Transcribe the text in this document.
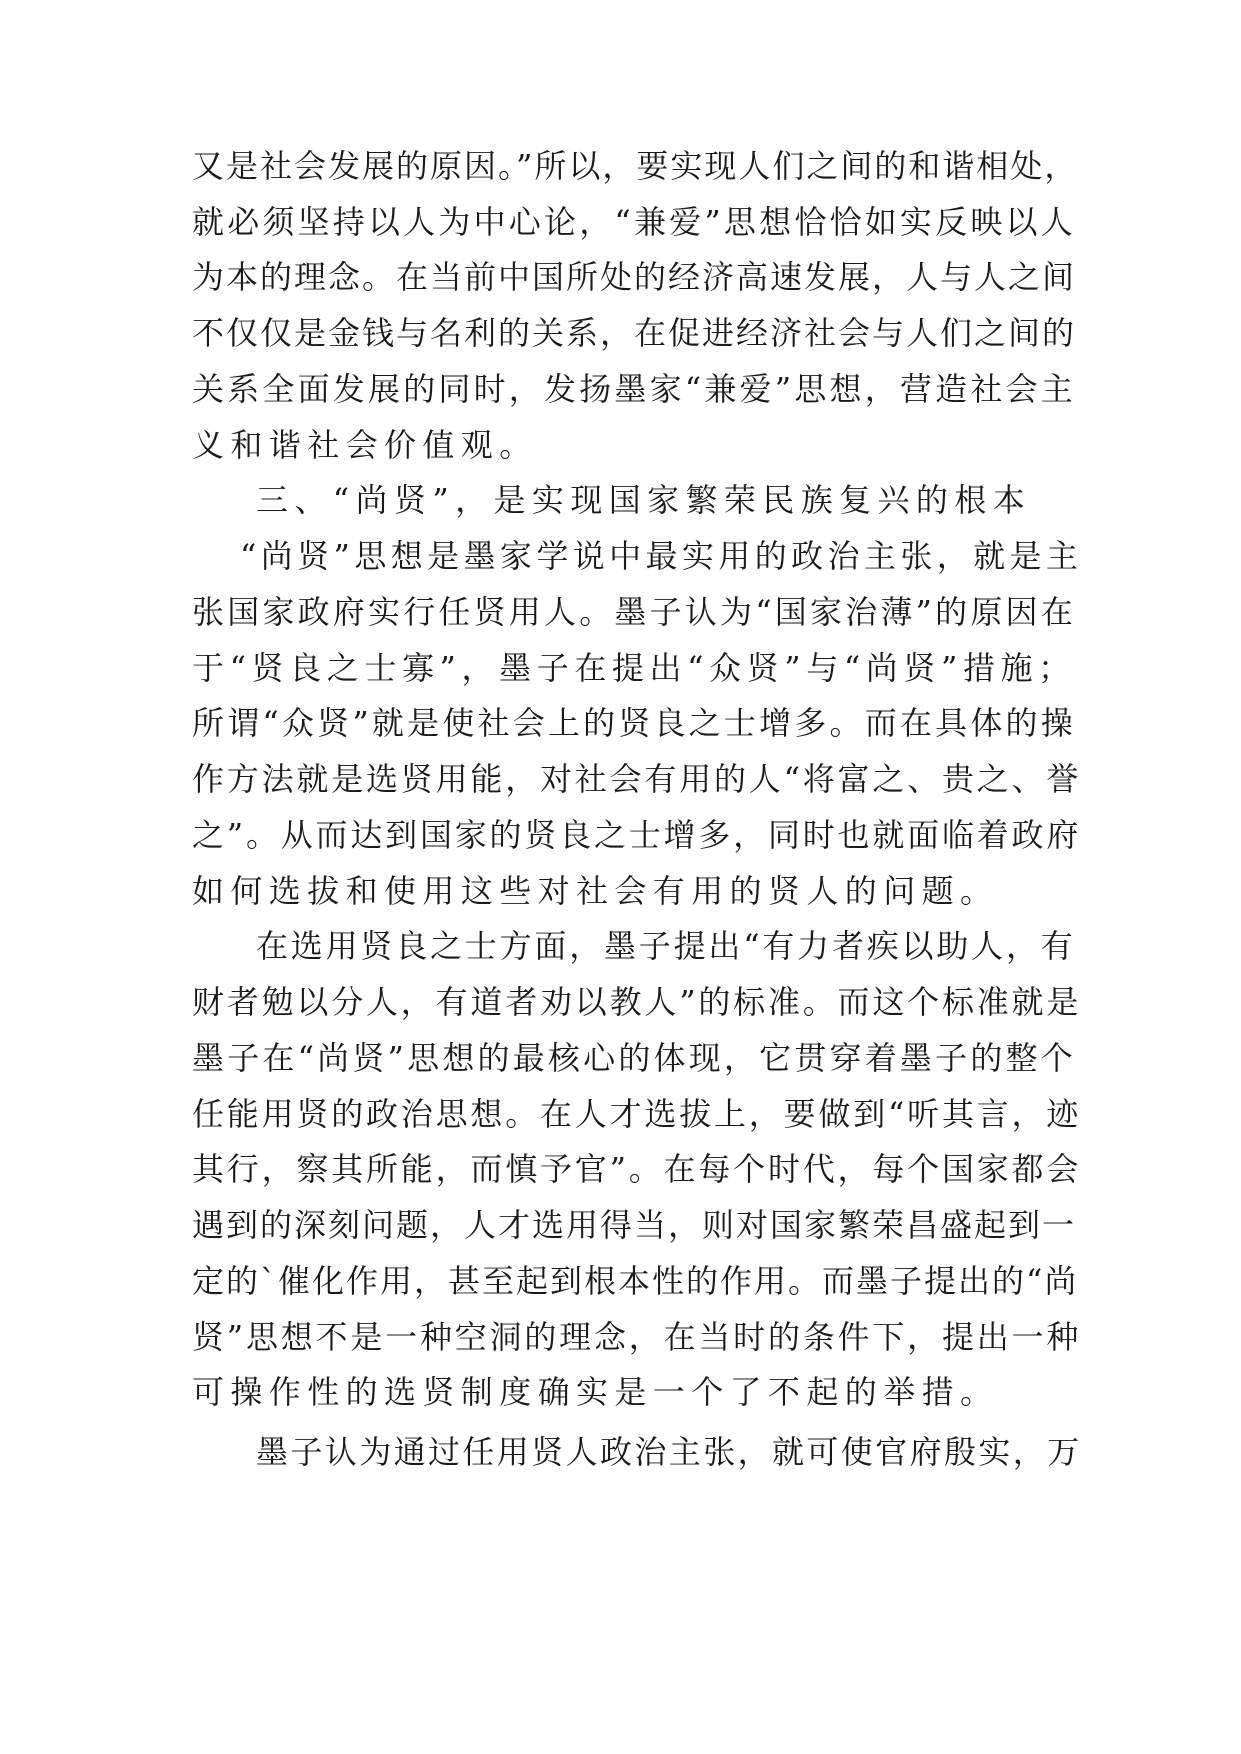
又是社会发展的原因。”所以，要实现人们之间的和谐相处，
就必须坚持以人为中心论，“兼爱”思想恰恰如实反映以人
为本的理念。在当前中国所处的经济高速发展，人与人之间
不仅仅是金钱与名利的关系，在促进经济社会与人们之间的
关系全面发展的同时，发扬墨家“兼爱”思想，营造社会主
义和谐社会价值观。
三、“尚贤”，是实现国家繁荣民族复兴的根本
“尚贤”思想是墨家学说中最实用的政治主张，就是主
张国家政府实行任贤用人。墨子认为“国家治薄”的原因在
于“贤良之士寡”，墨子在提出“众贤”与“尚贤”措施；
所谓“众贤”就是使社会上的贤良之士增多。而在具体的操
作方法就是选贤用能，对社会有用的人“将富之、贵之、誉
之”。从而达到国家的贤良之士增多，同时也就面临着政府
如何选拔和使用这些对社会有用的贤人的问题。
在选用贤良之士方面，墨子提出“有力者疾以助人，有
财者勉以分人，有道者劝以教人”的标准。而这个标准就是
墨子在“尚贤”思想的最核心的体现，它贯穿着墨子的整个
任能用贤的政治思想。在人才选拔上，要做到“听其言，迹
其行，察其所能，而慎予官”。在每个时代，每个国家都会
遇到的深刻问题，人才选用得当，则对国家繁荣昌盛起到一
定的`催化作用，甚至起到根本性的作用。而墨子提出的“尚
贤”思想不是一种空洞的理念，在当时的条件下，提出一种
可操作性的选贤制度确实是一个了不起的举措。
墨子认为通过任用贤人政治主张，就可使官府殷实，万
